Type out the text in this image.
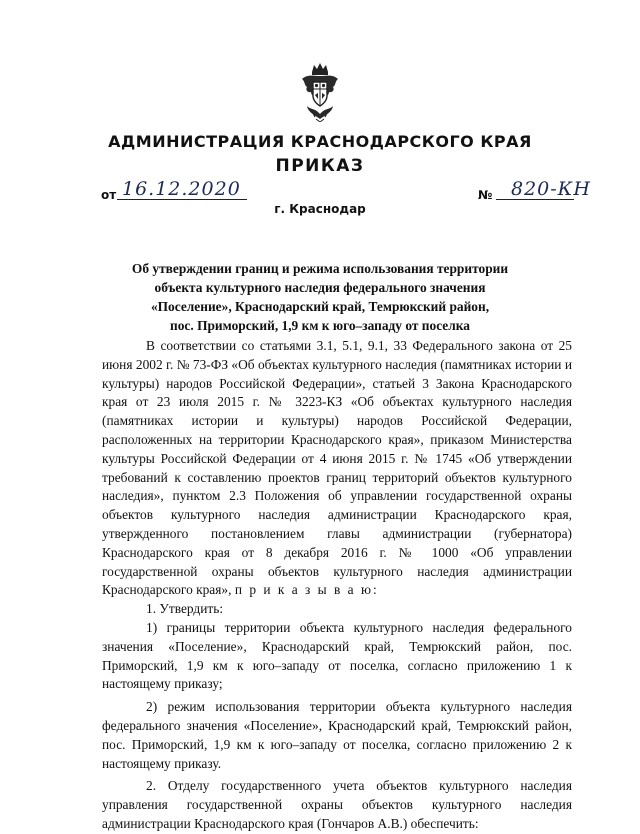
АДМИНИСТРАЦИЯ КРАСНОДАРСКОГО КРАЯ
ПРИКАЗ
от 16.12.2020	№ 820-КН
г. Краснодар
Об утверждении границ и режима использования территории
объекта культурного наследия федерального значения
«Поселение», Краснодарский край, Темрюкский район,
пос. Приморский, 1,9 км к юго–западу от поселка
В соответствии со статьями 3.1, 5.1, 9.1, 33 Федерального закона от 25 июня 2002 г. № 73-ФЗ «Об объектах культурного наследия (памятниках истории и культуры) народов Российской Федерации», статьей 3 Закона Краснодарского края от 23 июля 2015 г. № 3223-КЗ «Об объектах культурного наследия (памятниках истории и культуры) народов Российской Федерации, расположенных на территории Краснодарского края», приказом Министерства культуры Российской Федерации от 4 июня 2015 г. № 1745 «Об утверждении требований к составлению проектов границ территорий объектов культурного наследия», пунктом 2.3 Положения об управлении государственной охраны объектов культурного наследия администрации Краснодарского края, утвержденного постановлением главы администрации (губернатора) Краснодарского края от 8 декабря 2016 г. № 1000 «Об управлении государственной охраны объектов культурного наследия администрации Краснодарского края», п р и к а з ы в а ю:
1. Утвердить:
1) границы территории объекта культурного наследия федерального значения «Поселение», Краснодарский край, Темрюкский район, пос. Приморский, 1,9 км к юго–западу от поселка, согласно приложению 1 к настоящему приказу;
2) режим использования территории объекта культурного наследия федерального значения «Поселение», Краснодарский край, Темрюкский район, пос. Приморский, 1,9 км к юго–западу от поселка, согласно приложению 2 к настоящему приказу.
2. Отделу государственного учета объектов культурного наследия управления государственной охраны объектов культурного наследия администрации Краснодарского края (Гончаров А.В.) обеспечить:
